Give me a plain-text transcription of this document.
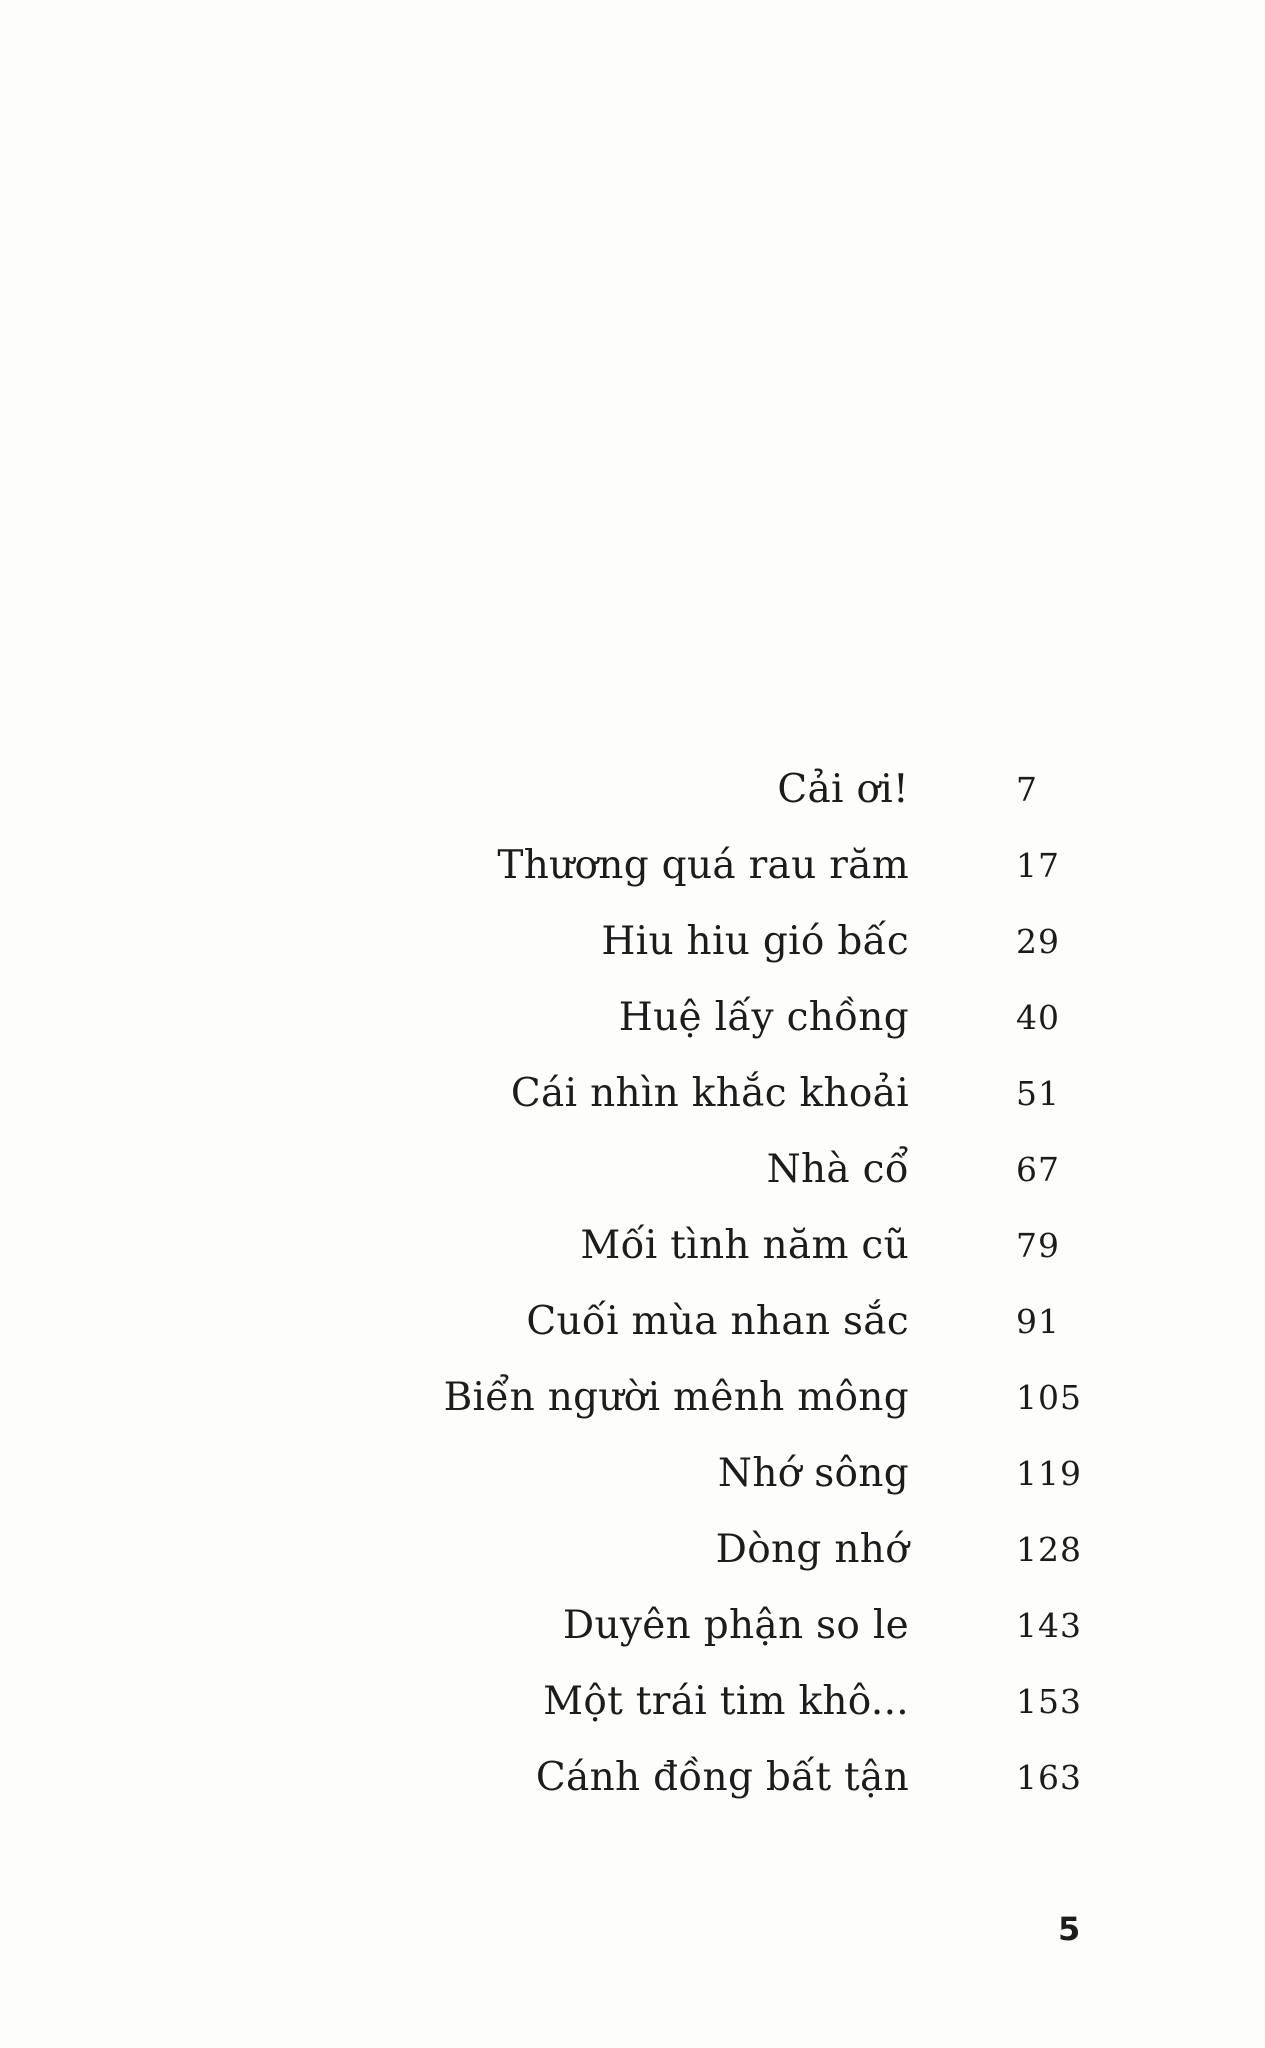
Cải ơi!	7
Thương quá rau răm	17
Hiu hiu gió bấc	29
Huệ lấy chồng	40
Cái nhìn khắc khoải	51
Nhà cổ	67
Mối tình năm cũ	79
Cuối mùa nhan sắc	91
Biển người mênh mông	105
Nhớ sông	119
Dòng nhớ	128
Duyên phận so le	143
Một trái tim khô...	153
Cánh đồng bất tận	163
5
